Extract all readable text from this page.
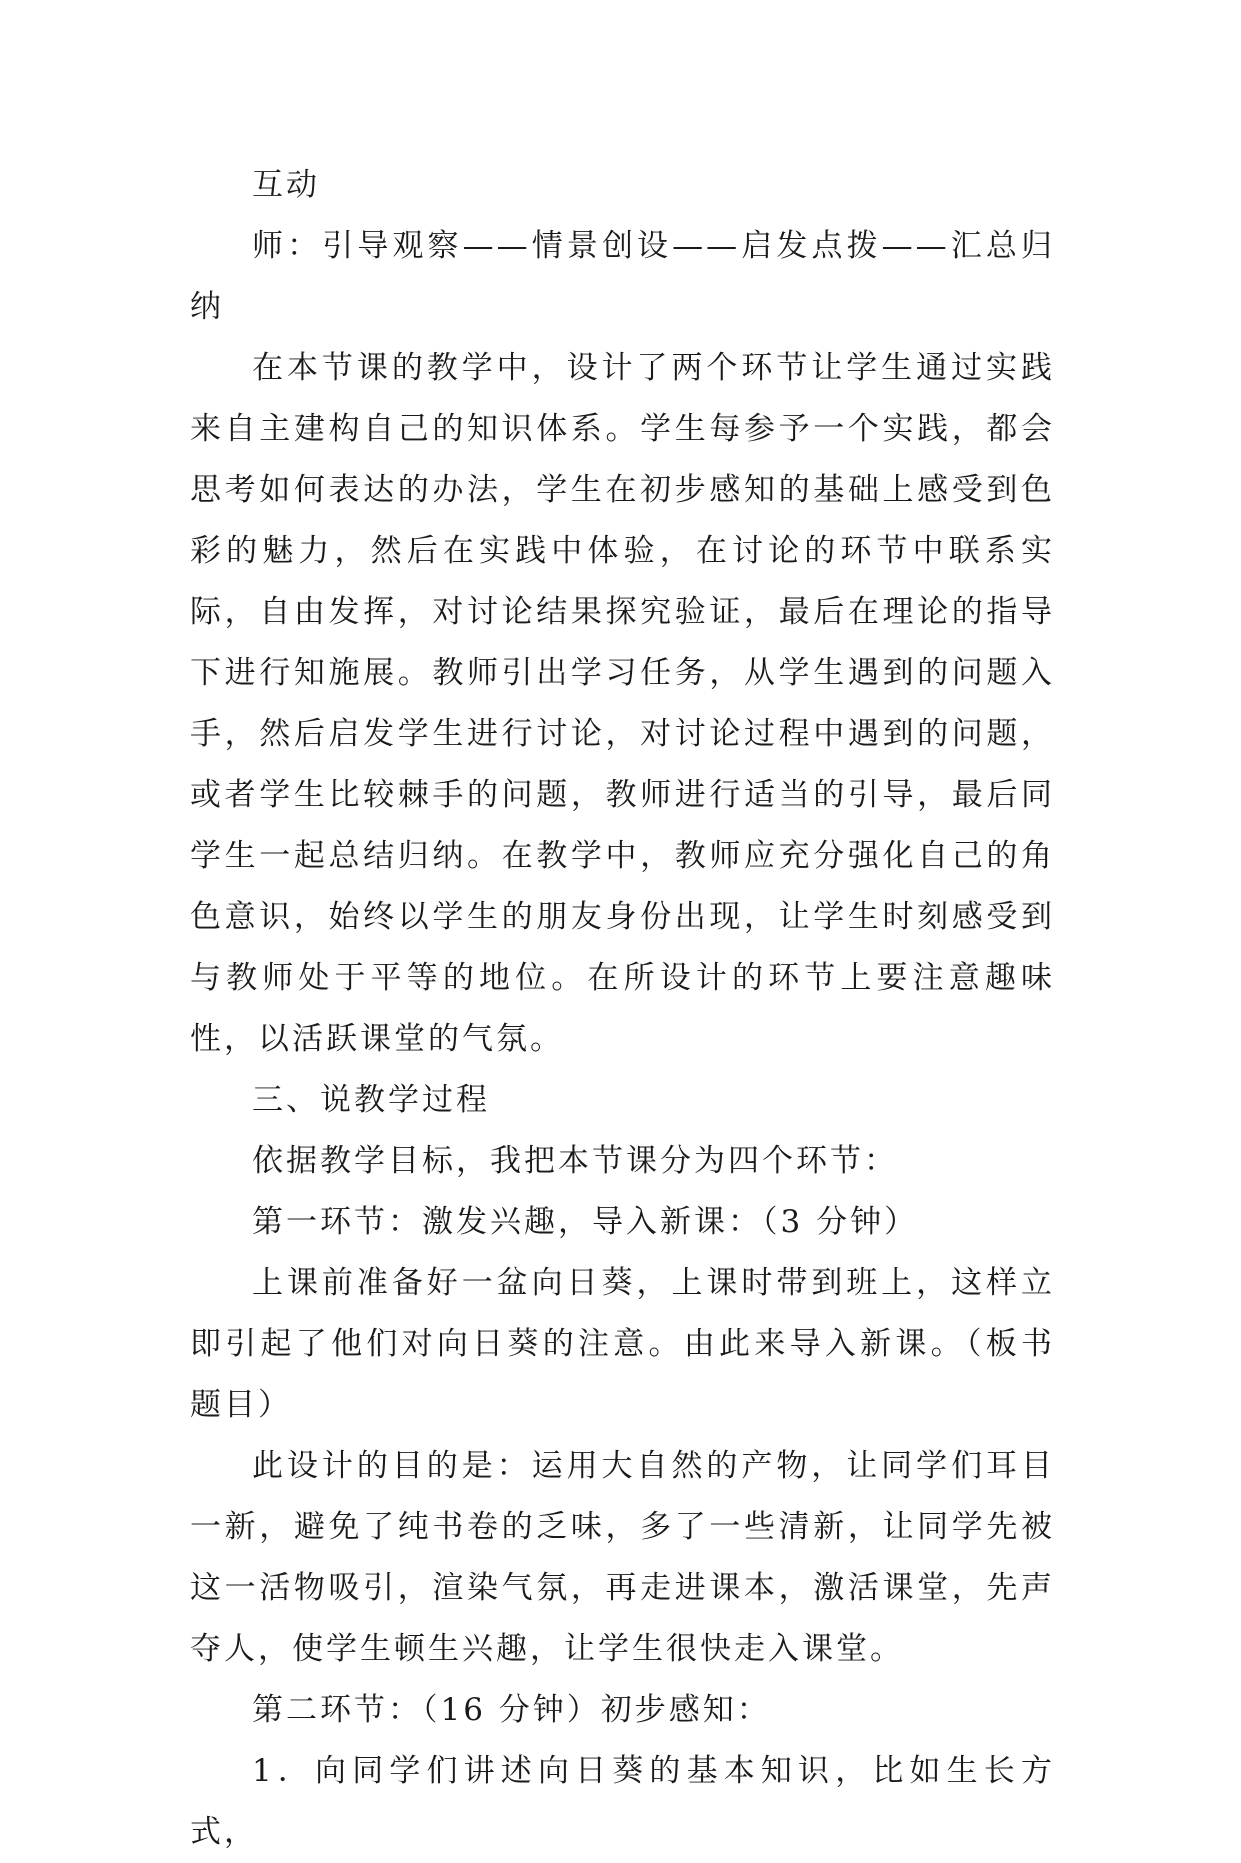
互动

师：引导观察——情景创设——启发点拨——汇总归纳

在本节课的教学中，设计了两个环节让学生通过实践来自主建构自己的知识体系。学生每参予一个实践，都会思考如何表达的办法，学生在初步感知的基础上感受到色彩的魅力，然后在实践中体验，在讨论的环节中联系实际，自由发挥，对讨论结果探究验证，最后在理论的指导下进行知施展。教师引出学习任务，从学生遇到的问题入手，然后启发学生进行讨论，对讨论过程中遇到的问题，或者学生比较棘手的问题，教师进行适当的引导，最后同学生一起总结归纳。在教学中，教师应充分强化自己的角色意识，始终以学生的朋友身份出现，让学生时刻感受到与教师处于平等的地位。在所设计的环节上要注意趣味性，以活跃课堂的气氛。

三、说教学过程

依据教学目标，我把本节课分为四个环节：

第一环节：激发兴趣，导入新课：（3 分钟）

上课前准备好一盆向日葵，上课时带到班上，这样立即引起了他们对向日葵的注意。由此来导入新课。（板书题目）

此设计的目的是：运用大自然的产物，让同学们耳目一新，避免了纯书卷的乏味，多了一些清新，让同学先被这一活物吸引，渲染气氛，再走进课本，激活课堂，先声夺人，使学生顿生兴趣，让学生很快走入课堂。

第二环节：（16 分钟）初步感知：

1．向同学们讲述向日葵的基本知识，比如生长方式，
